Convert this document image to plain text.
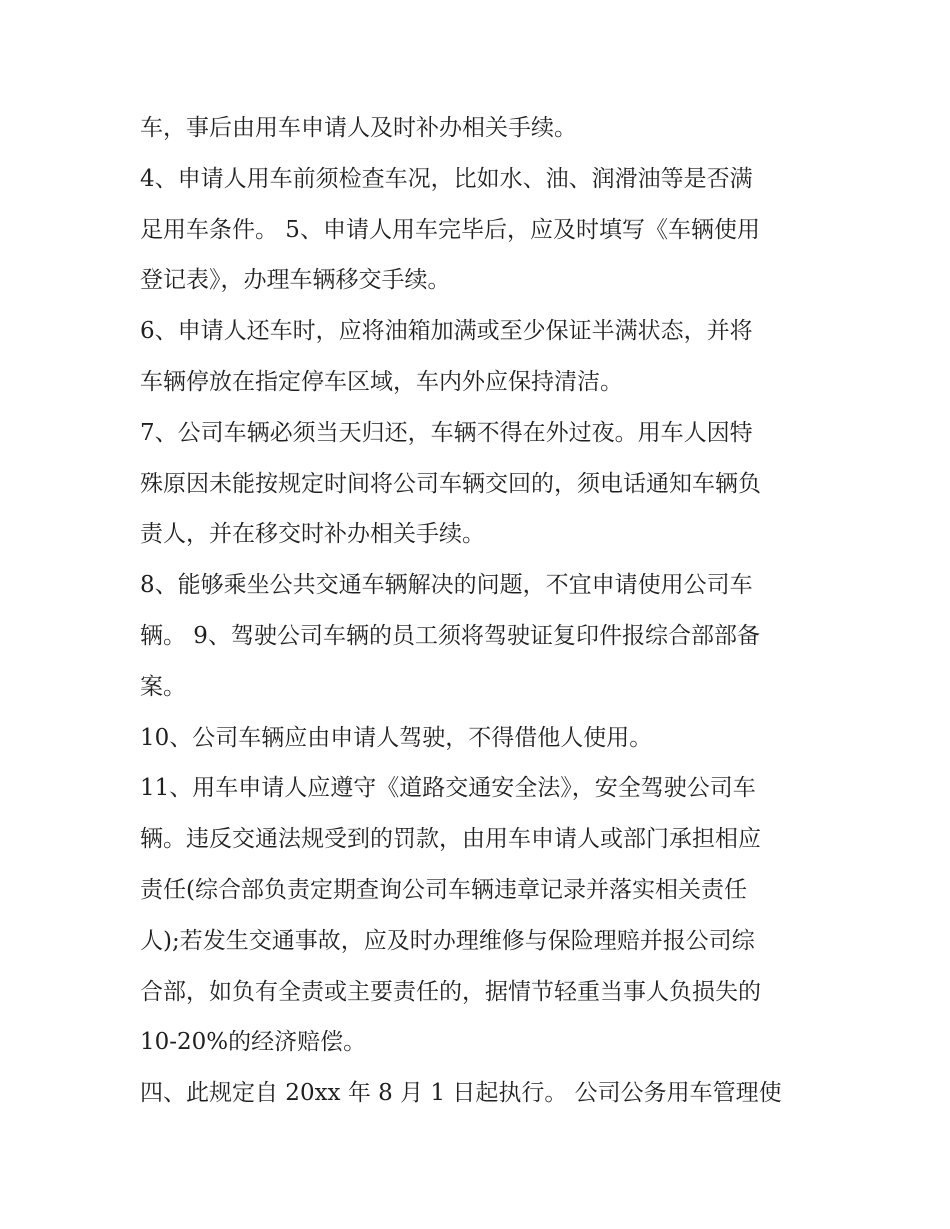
车，事后由用车申请人及时补办相关手续。
4、申请人用车前须检查车况，比如水、油、润滑油等是否满
足用车条件。 5、申请人用车完毕后，应及时填写《车辆使用
登记表》，办理车辆移交手续。
6、申请人还车时，应将油箱加满或至少保证半满状态，并将
车辆停放在指定停车区域，车内外应保持清洁。
7、公司车辆必须当天归还，车辆不得在外过夜。用车人因特
殊原因未能按规定时间将公司车辆交回的，须电话通知车辆负
责人，并在移交时补办相关手续。
8、能够乘坐公共交通车辆解决的问题，不宜申请使用公司车
辆。 9、驾驶公司车辆的员工须将驾驶证复印件报综合部部备
案。
10、公司车辆应由申请人驾驶，不得借他人使用。
11、用车申请人应遵守《道路交通安全法》，安全驾驶公司车
辆。违反交通法规受到的罚款，由用车申请人或部门承担相应
责任(综合部负责定期查询公司车辆违章记录并落实相关责任
人);若发生交通事故，应及时办理维修与保险理赔并报公司综
合部，如负有全责或主要责任的，据情节轻重当事人负损失的
10-20%的经济赔偿。
四、此规定自 20xx 年 8 月 1 日起执行。 公司公务用车管理使
